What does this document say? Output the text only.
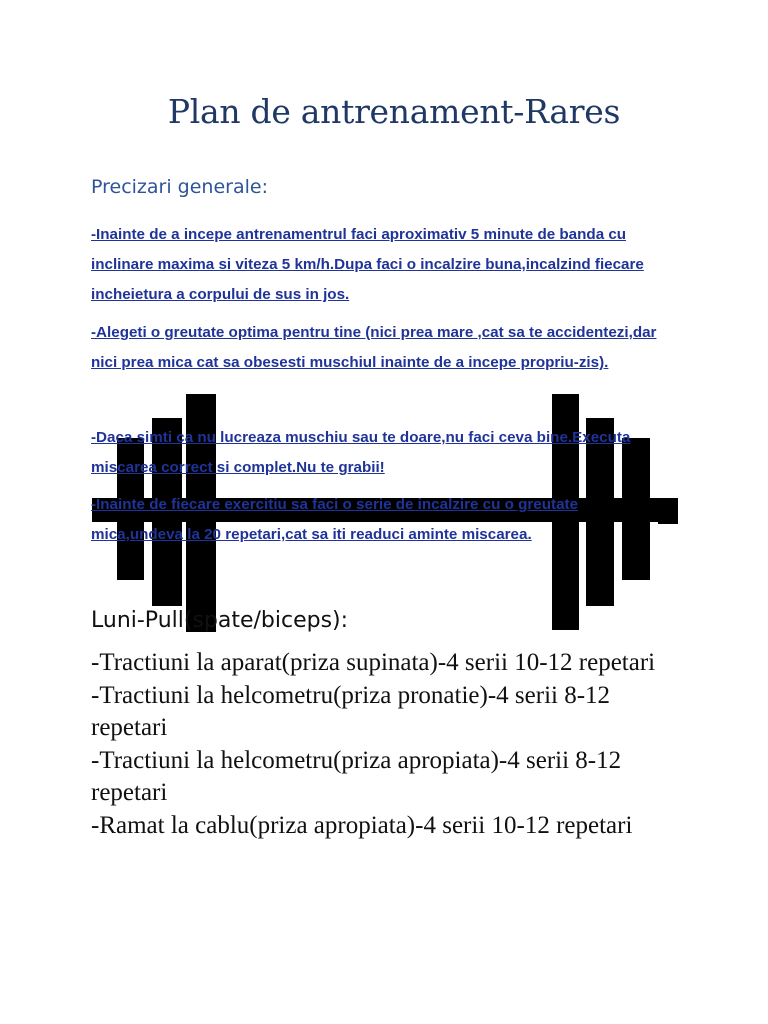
Plan de antrenament-Rares
Precizari generale:
-Inainte de a incepe antrenamentrul faci aproximativ 5 minute de banda cu inclinare maxima si viteza 5 km/h.Dupa faci o incalzire buna,incalzind fiecare incheietura a corpului de sus in jos.
-Alegeti o greutate optima pentru tine (nici prea mare ,cat sa te accidentezi,dar nici prea mica cat sa obesesti muschiul inainte de a incepe propriu-zis).
-Daca simti ca nu lucreaza muschiu sau te doare,nu faci ceva bine.Executa miscarea correct si complet.Nu te grabii!
-Inainte de fiecare exercitiu sa faci o serie de incalzire cu o greutate mica,undeva la 20 repetari,cat sa iti readuci aminte miscarea.
Luni-Pull(spate/biceps):

-Tractiuni la aparat(priza supinata)-4 serii 10-12 repetari

-Tractiuni la helcometru(priza pronatie)-4 serii 8-12 repetari

-Tractiuni la helcometru(priza apropiata)-4 serii 8-12 repetari

-Ramat la cablu(priza apropiata)-4 serii 10-12 repetari
